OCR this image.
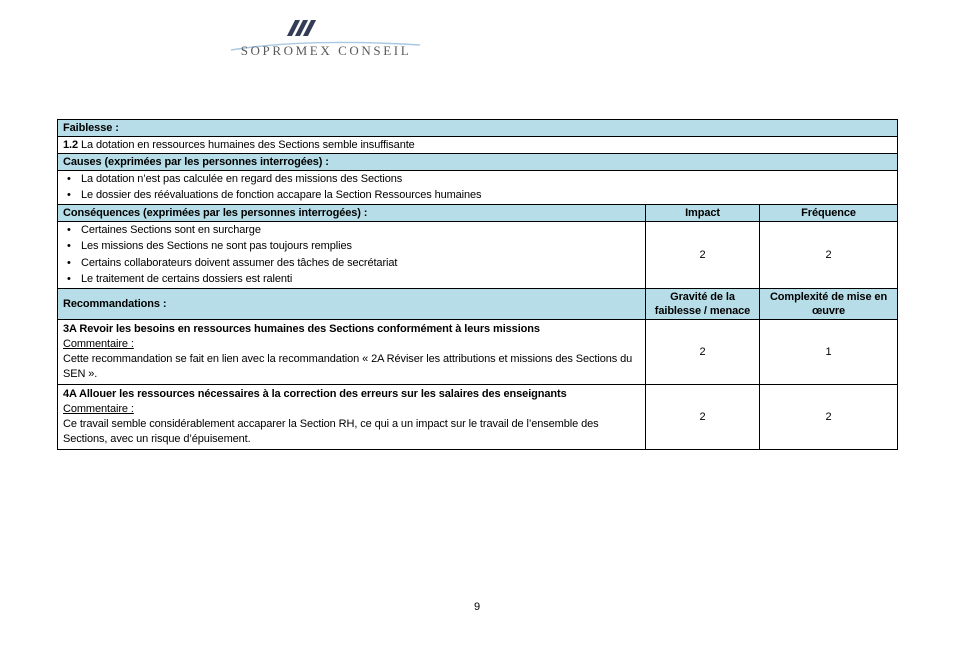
SOPROMEX CONSEIL
Faiblesse :		
1.2 La dotation en ressources humaines des Sections semble insuffisante		
Causes (exprimées par les personnes interrogées) :		

• La dotation n’est pas calculée en regard des missions des Sections
• Le dossier des réévaluations de fonction accapare la Section Ressources humaines

Conséquences (exprimées par les personnes interrogées) :	Impact	Fréquence

• Certaines Sections sont en surcharge
• Les missions des Sections ne sont pas toujours remplies
• Certains collaborateurs doivent assumer des tâches de secrétariat
• Le traitement de certains dossiers est ralenti
	2	2
Recommandations :	Gravité de la faiblesse / menace	Complexité de mise en œuvre

3A Revoir les besoins en ressources humaines des Sections conformément à leurs missions
Commentaire :
Cette recommandation se fait en lien avec la recommandation « 2A Réviser les attributions et missions des Sections du SEN ».	2	1

4A Allouer les ressources nécessaires à la correction des erreurs sur les salaires des enseignants
Commentaire :
Ce travail semble considérablement accaparer la Section RH, ce qui a un impact sur le travail de l’ensemble des Sections, avec un risque d’épuisement.	2	2
9
